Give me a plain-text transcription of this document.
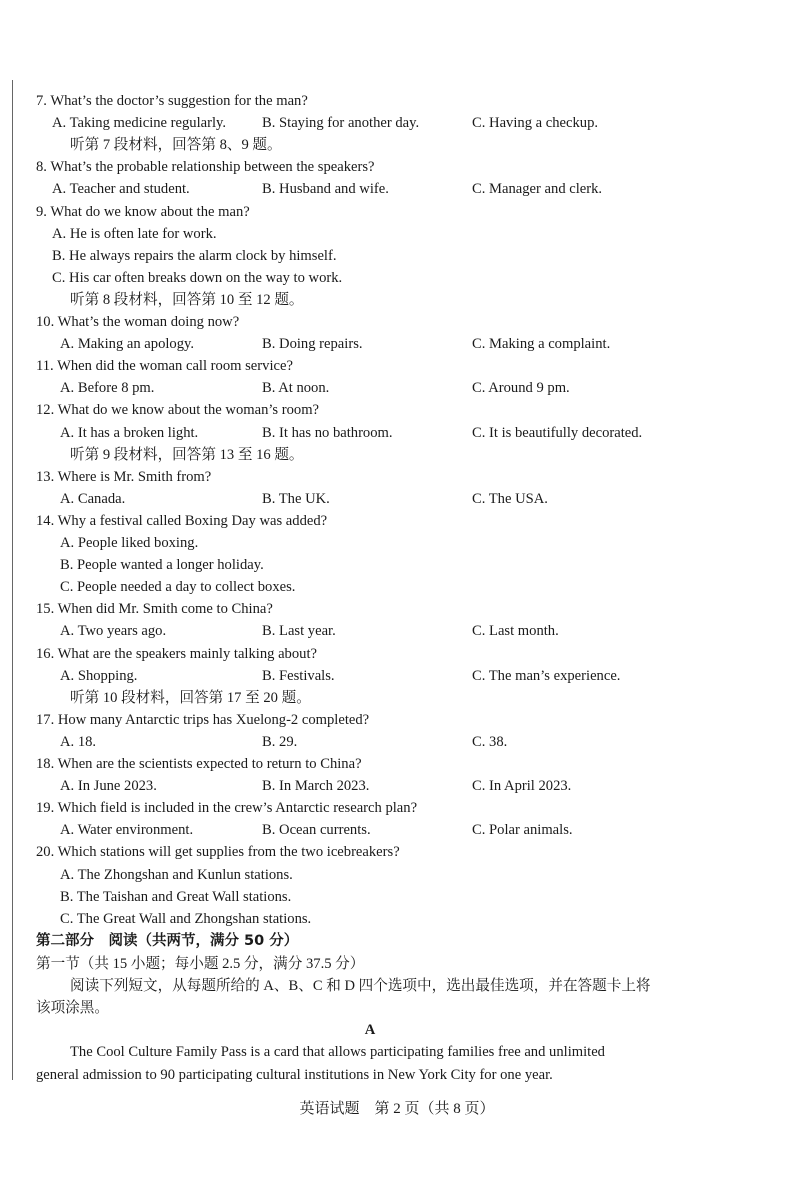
7. What’s the doctor’s suggestion for the man?
A. Taking medicine regularly. B. Staying for another day.	C. Having a checkup.
听第 7 段材料，回答第 8、9 题。
8. What’s the probable relationship between the speakers?
A. Teacher and student.	B. Husband and wife.	C. Manager and clerk.
9. What do we know about the man?
A. He is often late for work.
B. He always repairs the alarm clock by himself.
C. His car often breaks down on the way to work.
听第 8 段材料，回答第 10 至 12 题。
10. What’s the woman doing now?
A. Making an apology.	B. Doing repairs.	C. Making a complaint.
11. When did the woman call room service?
A. Before 8 pm.	B. At noon.	C. Around 9 pm.
12. What do we know about the woman’s room?
A. It has a broken light.	B. It has no bathroom.	C. It is beautifully decorated.
听第 9 段材料，回答第 13 至 16 题。
13. Where is Mr. Smith from?
A. Canada.	B. The UK.	C. The USA.
14. Why a festival called Boxing Day was added?
A. People liked boxing.
B. People wanted a longer holiday.
C. People needed a day to collect boxes.
15. When did Mr. Smith come to China?
A. Two years ago.	B. Last year.	C. Last month.
16. What are the speakers mainly talking about?
A. Shopping.	B. Festivals.	C. The man’s experience.
听第 10 段材料，回答第 17 至 20 题。
17. How many Antarctic trips has Xuelong-2 completed?
A. 18.	B. 29.	C. 38.
18. When are the scientists expected to return to China?
A. In June 2023.	B. In March 2023.	C. In April 2023.
19. Which field is included in the crew’s Antarctic research plan?
A. Water environment.	B. Ocean currents.	C. Polar animals.
20. Which stations will get supplies from the two icebreakers?
A. The Zhongshan and Kunlun stations.
B. The Taishan and Great Wall stations.
C. The Great Wall and Zhongshan stations.
第二部分　阅读（共两节，满分 50 分）
第一节（共 15 小题；每小题 2.5 分，满分 37.5 分）
阅读下列短文，从每题所给的 A、B、C 和 D 四个选项中，选出最佳选项，并在答题卡上将
该项涂黑。
A
The Cool Culture Family Pass is a card that allows participating families free and unlimited
general admission to 90 participating cultural institutions in New York City for one year.
英语试题　第 2 页（共 8 页）
